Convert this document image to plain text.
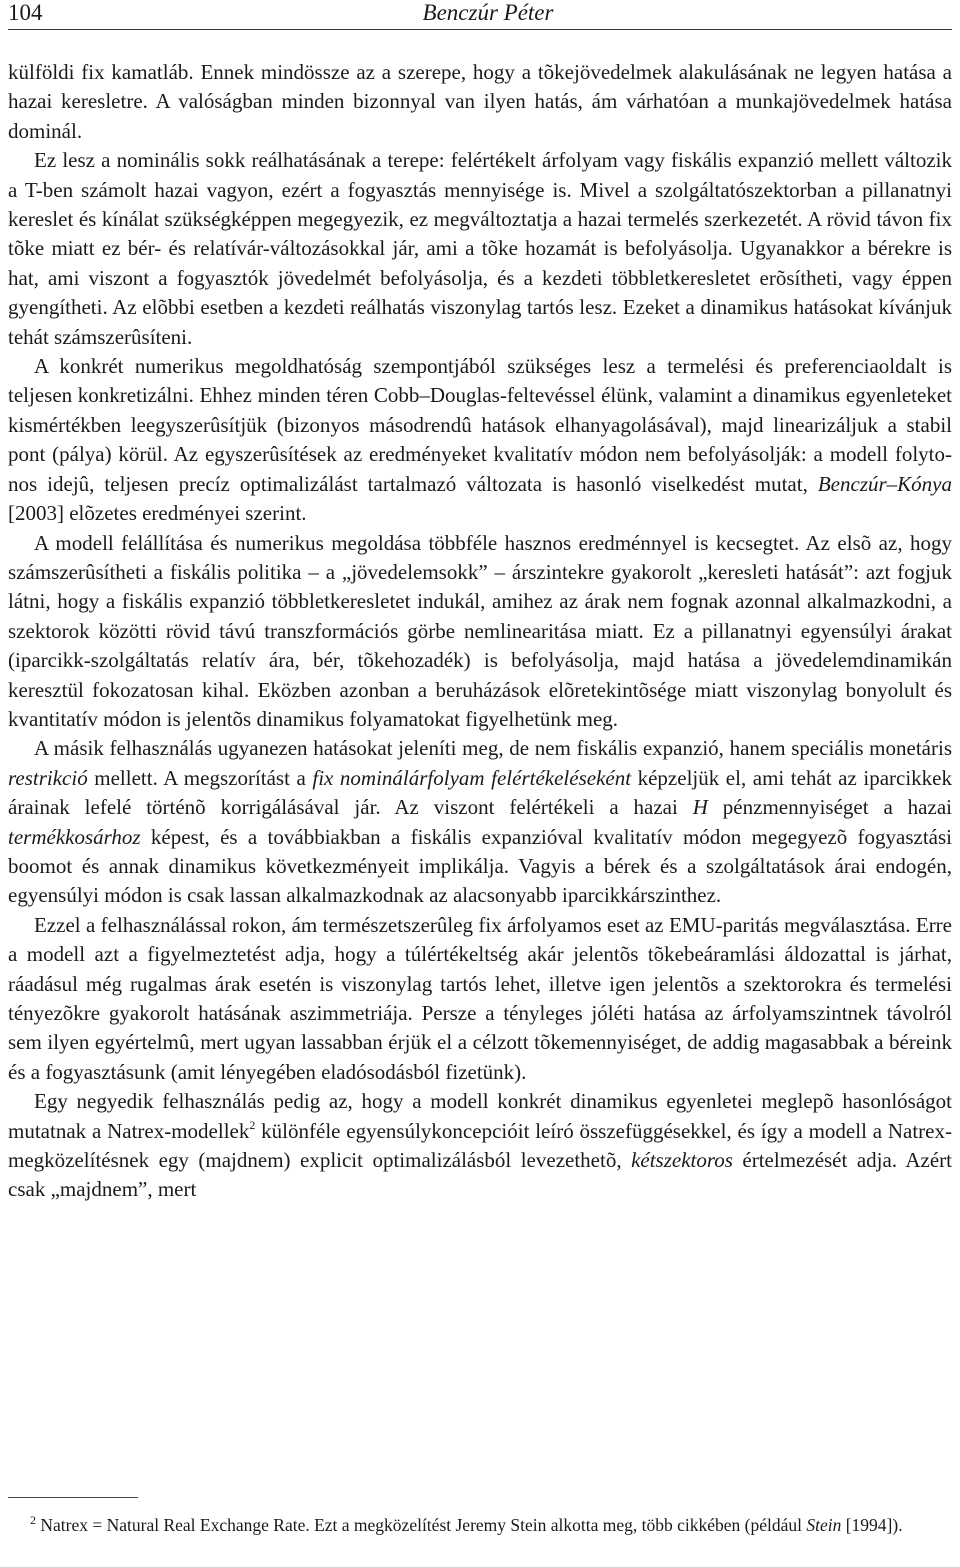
104	Benczúr Péter

külföldi fix kamatláb. Ennek mindössze az a szerepe, hogy a tõkejövedelmek alakulásának ne legyen hatása a hazai keresletre. A valóságban minden bizonnyal van ilyen hatás, ám várhatóan a munkajövedelmek hatása dominál.

Ez lesz a nominális sokk reálhatásának a terepe: felértékelt árfolyam vagy fiskális expanzió mellett változik a T-ben számolt hazai vagyon, ezért a fogyasztás mennyisége is. Mivel a szolgáltatószektorban a pillanatnyi kereslet és kínálat szükségképpen megegyezik, ez megváltoztatja a hazai termelés szerkezetét. A rövid távon fix tõke miatt ez bér- és relatívár-változásokkal jár, ami a tõke hozamát is befolyásolja. Ugyanakkor a bérekre is hat, ami viszont a fogyasztók jövedelmét befolyásolja, és a kezdeti többletkeresletet erõsítheti, vagy éppen gyengítheti. Az elõbbi esetben a kezdeti reálhatás viszonylag tartós lesz. Ezeket a dinamikus hatásokat kívánjuk tehát számszerûsíteni.

A konkrét numerikus megoldhatóság szempontjából szükséges lesz a termelési és preferenciaoldalt is teljesen konkretizálni. Ehhez minden téren Cobb–Douglas-feltevéssel élünk, valamint a dinamikus egyenleteket kismértékben leegyszerûsítjük (bizonyos másodrendû hatások elhanyagolásával), majd linearizáljuk a stabil pont (pálya) körül. Az egyszerûsítések az eredményeket kvalitatív módon nem befolyásolják: a modell folytonos idejû, teljesen precíz optimalizálást tartalmazó változata is hasonló viselkedést mutat, Benczúr–Kónya [2003] elõzetes eredményei szerint.

A modell felállítása és numerikus megoldása többféle hasznos eredménnyel is kecsegtet. Az elsõ az, hogy számszerûsítheti a fiskális politika – a „jövedelemsokk” – árszintekre gyakorolt „keresleti hatását”: azt fogjuk látni, hogy a fiskális expanzió többletkeresletet indukál, amihez az árak nem fognak azonnal alkalmazkodni, a szektorok közötti rövid távú transzformációs görbe nemlinearitása miatt. Ez a pillanatnyi egyensúlyi árakat (iparcikk-szolgáltatás relatív ára, bér, tõkehozadék) is befolyásolja, majd hatása a jövedelemdinamikán keresztül fokozatosan kihal. Eközben azonban a beruházások elõretekintõsége miatt viszonylag bonyolult és kvantitatív módon is jelentõs dinamikus folyamatokat figyelhetünk meg.

A másik felhasználás ugyanezen hatásokat jeleníti meg, de nem fiskális expanzió, hanem speciális monetáris restrikció mellett. A megszorítást a fix nominálárfolyam felértékeléseként képzeljük el, ami tehát az iparcikkek árainak lefelé történõ korrigálásával jár. Az viszont felértékeli a hazai H pénzmennyiséget a hazai termékkosárhoz képest, és a továbbiakban a fiskális expanzióval kvalitatív módon megegyezõ fogyasztási boomot és annak dinamikus következményeit implikálja. Vagyis a bérek és a szolgáltatások árai endogén, egyensúlyi módon is csak lassan alkalmazkodnak az alacsonyabb iparcikkárszinthez.

Ezzel a felhasználással rokon, ám természetszerûleg fix árfolyamos eset az EMU-paritás megválasztása. Erre a modell azt a figyelmeztetést adja, hogy a túlértékeltség akár jelentõs tõkebeáramlási áldozattal is járhat, ráadásul még rugalmas árak esetén is viszonylag tartós lehet, illetve igen jelentõs a szektorokra és termelési tényezõkre gyakorolt hatásának aszimmetriája. Persze a tényleges jóléti hatása az árfolyamszintnek távolról sem ilyen egyértelmû, mert ugyan lassabban érjük el a célzott tõkemennyiséget, de addig magasabbak a béreink és a fogyasztásunk (amit lényegében eladósodásból fizetünk).

Egy negyedik felhasználás pedig az, hogy a modell konkrét dinamikus egyenletei meglepõ hasonlóságot mutatnak a Natrex-modellek$^2$ különféle egyensúlykoncepcióit leíró összefüggésekkel, és így a modell a Natrex-megközelítésnek egy (majdnem) explicit optimalizálásból levezethetõ, kétszektoros értelmezését adja. Azért csak „majdnem”, mert

$^2$ Natrex = Natural Real Exchange Rate. Ezt a megközelítést Jeremy Stein alkotta meg, több cikkében (például Stein [1994]).
